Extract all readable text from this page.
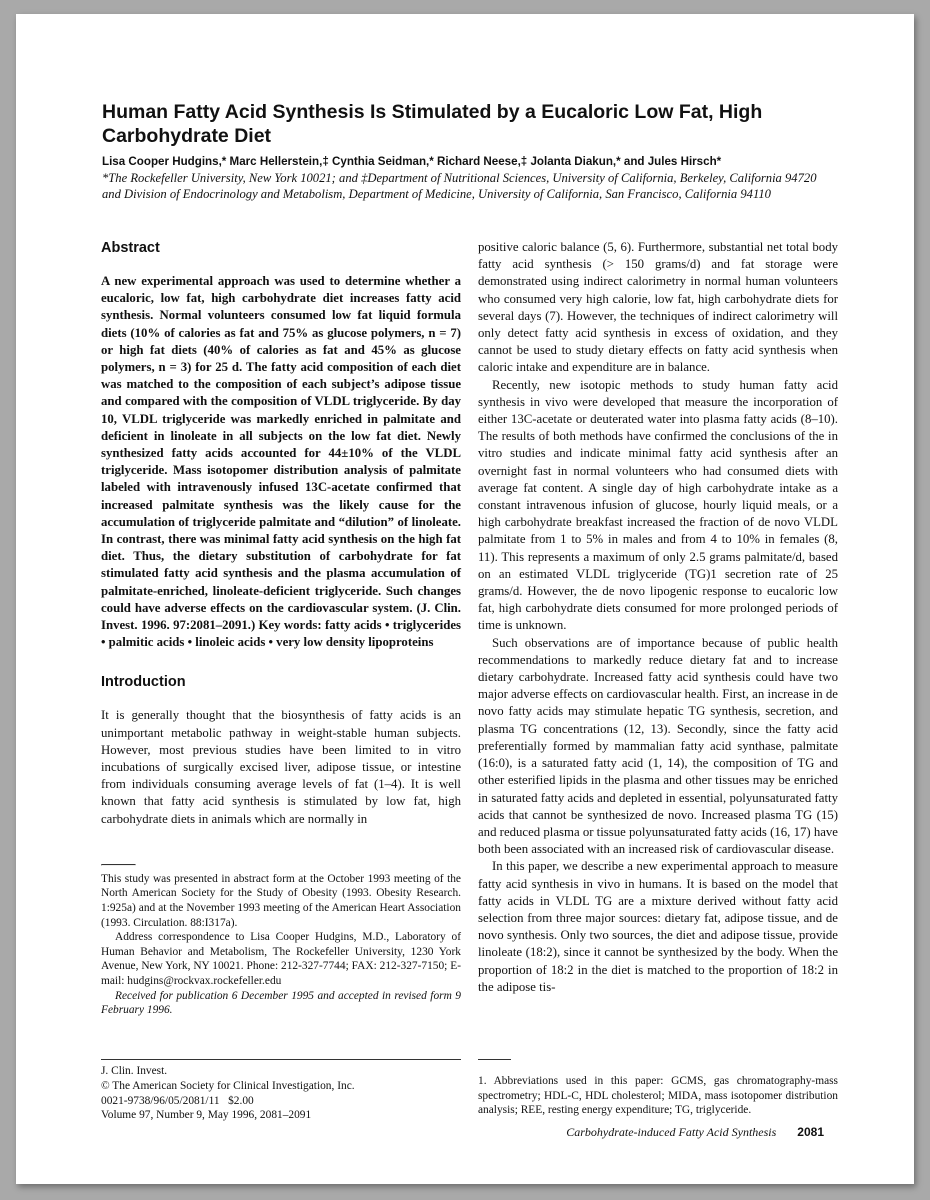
Human Fatty Acid Synthesis Is Stimulated by a Eucaloric Low Fat, High Carbohydrate Diet
Lisa Cooper Hudgins,* Marc Hellerstein,‡ Cynthia Seidman,* Richard Neese,‡ Jolanta Diakun,* and Jules Hirsch*
*The Rockefeller University, New York 10021; and ‡Department of Nutritional Sciences, University of California, Berkeley, California 94720 and Division of Endocrinology and Metabolism, Department of Medicine, University of California, San Francisco, California 94110
Abstract

A new experimental approach was used to determine whether a eucaloric, low fat, high carbohydrate diet increases fatty acid synthesis. Normal volunteers consumed low fat liquid formula diets (10% of calories as fat and 75% as glucose polymers, n = 7) or high fat diets (40% of calories as fat and 45% as glucose polymers, n = 3) for 25 d. The fatty acid composition of each diet was matched to the composition of each subject’s adipose tissue and compared with the composition of VLDL triglyceride. By day 10, VLDL triglyceride was markedly enriched in palmitate and deficient in linoleate in all subjects on the low fat diet. Newly synthesized fatty acids accounted for 44±10% of the VLDL triglyceride. Mass isotopomer distribution analysis of palmitate labeled with intravenously infused 13C-acetate confirmed that increased palmitate synthesis was the likely cause for the accumulation of triglyceride palmitate and “dilution” of linoleate. In contrast, there was minimal fatty acid synthesis on the high fat diet. Thus, the dietary substitution of carbohydrate for fat stimulated fatty acid synthesis and the plasma accumulation of palmitate-enriched, linoleate-deficient triglyceride. Such changes could have adverse effects on the cardiovascular system. (J. Clin. Invest. 1996. 97:2081–2091.) Key words: fatty acids • triglycerides • palmitic acids • linoleic acids • very low density lipoproteins

Introduction

It is generally thought that the biosynthesis of fatty acids is an unimportant metabolic pathway in weight-stable human subjects. However, most previous studies have been limited to in vitro incubations of surgically excised liver, adipose tissue, or intestine from individuals consuming average levels of fat (1–4). It is well known that fatty acid synthesis is stimulated by low fat, high carbohydrate diets in animals which are normally in

This study was presented in abstract form at the October 1993 meeting of the North American Society for the Study of Obesity (1993. Obesity Research. 1:925a) and at the November 1993 meeting of the American Heart Association (1993. Circulation. 88:I317a).

Address correspondence to Lisa Cooper Hudgins, M.D., Laboratory of Human Behavior and Metabolism, The Rockefeller University, 1230 York Avenue, New York, NY 10021. Phone: 212-327-7744; FAX: 212-327-7150; E-mail: hudgins@rockvax.rockefeller.edu

Received for publication 6 December 1995 and accepted in revised form 9 February 1996.

positive caloric balance (5, 6). Furthermore, substantial net total body fatty acid synthesis (> 150 grams/d) and fat storage were demonstrated using indirect calorimetry in normal human volunteers who consumed very high calorie, low fat, high carbohydrate diets for several days (7). However, the techniques of indirect calorimetry will only detect fatty acid synthesis in excess of oxidation, and they cannot be used to study dietary effects on fatty acid synthesis when caloric intake and expenditure are in balance.

Recently, new isotopic methods to study human fatty acid synthesis in vivo were developed that measure the incorporation of either 13C-acetate or deuterated water into plasma fatty acids (8–10). The results of both methods have confirmed the conclusions of the in vitro studies and indicate minimal fatty acid synthesis after an overnight fast in normal volunteers who had consumed diets with average fat content. A single day of high carbohydrate intake as a constant intravenous infusion of glucose, hourly liquid meals, or a high carbohydrate breakfast increased the fraction of de novo VLDL palmitate from 1 to 5% in males and from 4 to 10% in females (8, 11). This represents a maximum of only 2.5 grams palmitate/d, based on an estimated VLDL triglyceride (TG)1 secretion rate of 25 grams/d. However, the de novo lipogenic response to eucaloric low fat, high carbohydrate diets consumed for more prolonged periods of time is unknown.

Such observations are of importance because of public health recommendations to markedly reduce dietary fat and to increase dietary carbohydrate. Increased fatty acid synthesis could have two major adverse effects on cardiovascular health. First, an increase in de novo fatty acids may stimulate hepatic TG synthesis, secretion, and plasma TG concentrations (12, 13). Secondly, since the fatty acid preferentially formed by mammalian fatty acid synthase, palmitate (16:0), is a saturated fatty acid (1, 14), the composition of TG and other esterified lipids in the plasma and other tissues may be enriched in saturated fatty acids and depleted in essential, polyunsaturated fatty acids that cannot be synthesized de novo. Increased plasma TG (15) and reduced plasma or tissue polyunsaturated fatty acids (16, 17) have both been associated with an increased risk of cardiovascular disease.

In this paper, we describe a new experimental approach to measure fatty acid synthesis in vivo in humans. It is based on the model that fatty acids in VLDL TG are a mixture derived without fatty acid selection from three major sources: dietary fat, adipose tissue, and de novo synthesis. Only two sources, the diet and adipose tissue, provide linoleate (18:2), since it cannot be synthesized by the body. When the proportion of 18:2 in the diet is matched to the proportion of 18:2 in the adipose tis-

J. Clin. Invest.
© The American Society for Clinical Investigation, Inc.
0021-9738/96/05/2081/11   $2.00
Volume 97, Number 9, May 1996, 2081–2091

1. Abbreviations used in this paper: GCMS, gas chromatography-mass spectrometry; HDL-C, HDL cholesterol; MIDA, mass isotopomer distribution analysis; REE, resting energy expenditure; TG, triglyceride.

Carbohydrate-induced Fatty Acid Synthesis 2081
